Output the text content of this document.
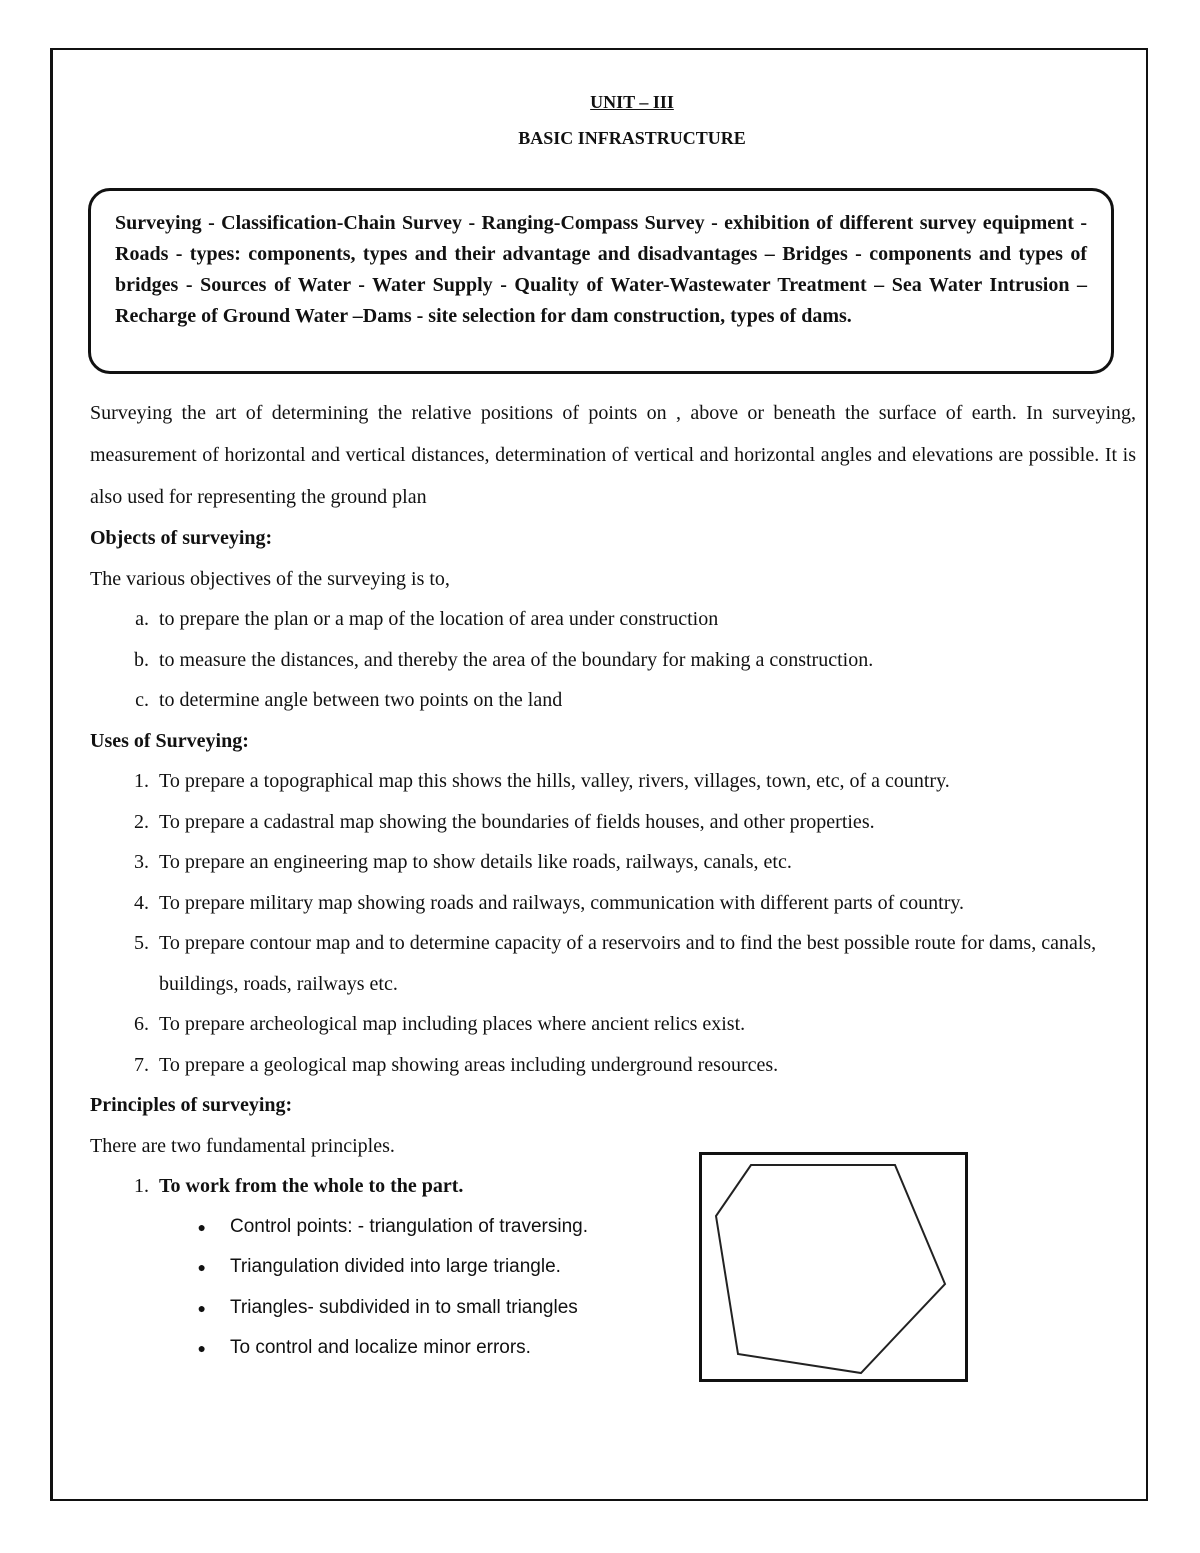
UNIT – III
BASIC INFRASTRUCTURE
Surveying - Classification-Chain Survey - Ranging-Compass Survey - exhibition of different survey equipment -Roads - types: components, types and their advantage and disadvantages – Bridges - components and types of bridges - Sources of Water - Water Supply - Quality of Water-Wastewater Treatment – Sea Water Intrusion – Recharge of Ground Water –Dams - site selection for dam construction, types of dams.

Surveying the art of determining the relative positions of points on , above or beneath the surface of earth. In surveying, measurement of horizontal and vertical distances, determination of vertical and horizontal angles and elevations are possible. It is also used for representing the ground plan

Objects of surveying:

The various objectives of the surveying is to,

a. to prepare the plan or a map of the location of area under construction
b. to measure the distances, and thereby the area of the boundary for making a construction.
c. to determine angle between two points on the land

Uses of Surveying:

1. To prepare a topographical map this shows the hills, valley, rivers, villages, town, etc, of a country.
2. To prepare a cadastral map showing the boundaries of fields houses, and other properties.
3. To prepare an engineering map to show details like roads, railways, canals, etc.
4. To prepare military map showing roads and railways, communication with different parts of country.
5. To prepare contour map and to determine capacity of a reservoirs and to find the best possible route for dams, canals, buildings, roads, railways etc.
6. To prepare archeological map including places where ancient relics exist.
7. To prepare a geological map showing areas including underground resources.

Principles of surveying:

There are two fundamental principles.

1. To work from the whole to the part.
●	Control points: - triangulation of traversing.
●	Triangulation divided into large triangle.
●	Triangles- subdivided in to small triangles
●	To control and localize minor errors.
